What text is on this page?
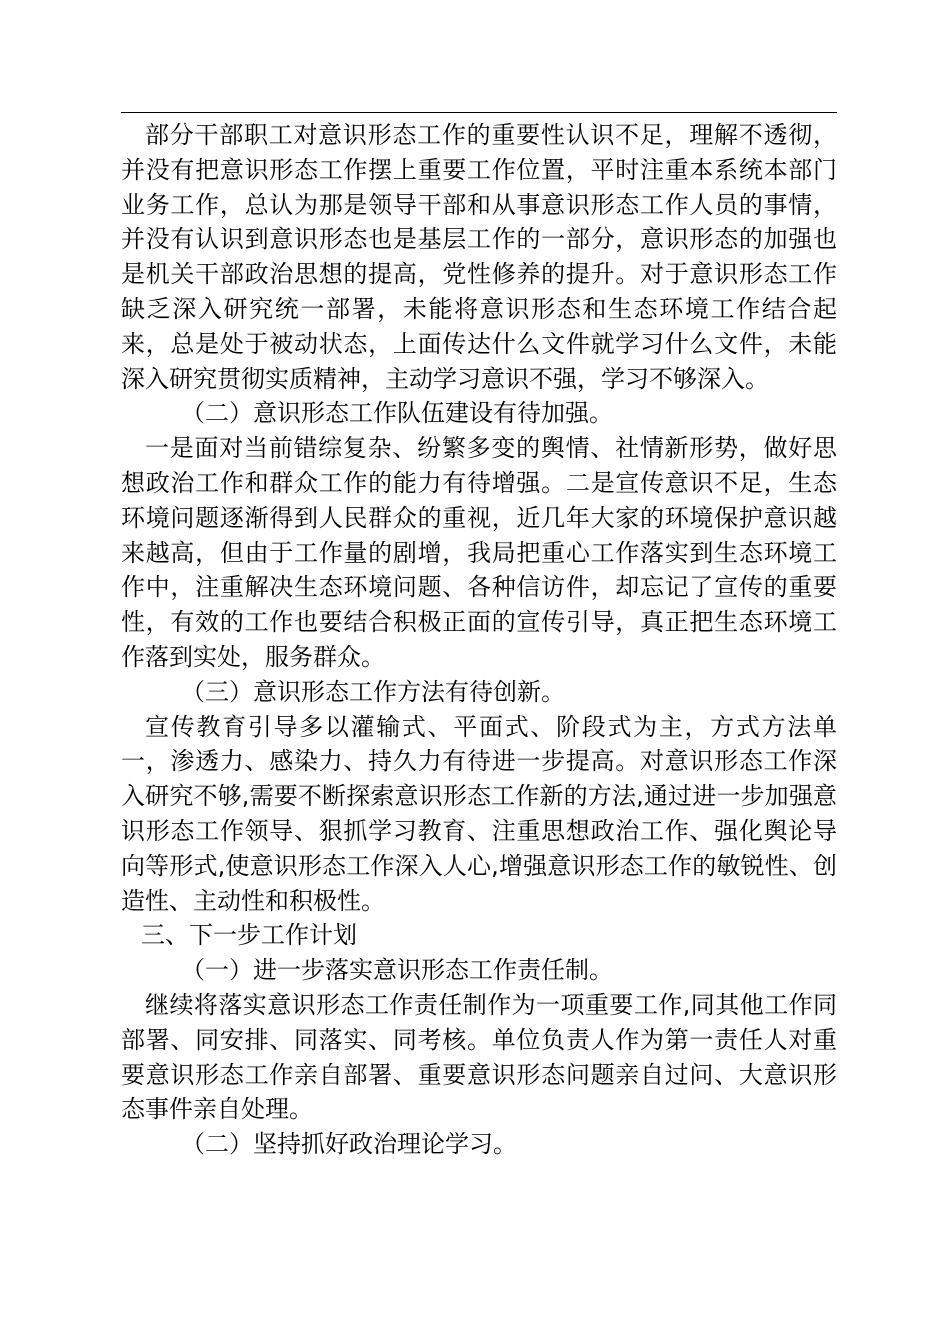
部分干部职工对意识形态工作的重要性认识不足，理解不透彻，并没有把意识形态工作摆上重要工作位置，平时注重本系统本部门业务工作，总认为那是领导干部和从事意识形态工作人员的事情，并没有认识到意识形态也是基层工作的一部分，意识形态的加强也是机关干部政治思想的提高，党性修养的提升。对于意识形态工作缺乏深入研究统一部署，未能将意识形态和生态环境工作结合起来，总是处于被动状态，上面传达什么文件就学习什么文件，未能深入研究贯彻实质精神，主动学习意识不强，学习不够深入。

（二）意识形态工作队伍建设有待加强。

一是面对当前错综复杂、纷繁多变的舆情、社情新形势，做好思想政治工作和群众工作的能力有待增强。二是宣传意识不足，生态环境问题逐渐得到人民群众的重视，近几年大家的环境保护意识越来越高，但由于工作量的剧增，我局把重心工作落实到生态环境工作中，注重解决生态环境问题、各种信访件，却忘记了宣传的重要性，有效的工作也要结合积极正面的宣传引导，真正把生态环境工作落到实处，服务群众。

（三）意识形态工作方法有待创新。

宣传教育引导多以灌输式、平面式、阶段式为主，方式方法单一，渗透力、感染力、持久力有待进一步提高。对意识形态工作深入研究不够,需要不断探索意识形态工作新的方法,通过进一步加强意识形态工作领导、狠抓学习教育、注重思想政治工作、强化舆论导向等形式,使意识形态工作深入人心,增强意识形态工作的敏锐性、创造性、主动性和积极性。

三、下一步工作计划

（一）进一步落实意识形态工作责任制。

继续将落实意识形态工作责任制作为一项重要工作,同其他工作同部署、同安排、同落实、同考核。单位负责人作为第一责任人对重要意识形态工作亲自部署、重要意识形态问题亲自过问、大意识形态事件亲自处理。

（二）坚持抓好政治理论学习。
